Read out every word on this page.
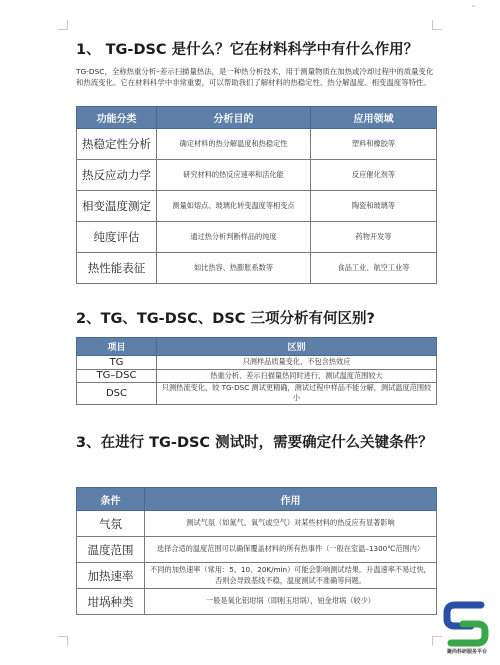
⌄
1、 TG-DSC 是什么？它在材料科学中有什么作用？
TG-DSC，全称热重分析–差示扫描量热法，是一种热分析技术，用于测量物质在加热或冷却过程中的质量变化和热流变化。它在材料科学中非常重要，可以帮助我们了解材料的热稳定性、热分解温度、相变温度等特性。
功能分类	分析目的	应用领域
热稳定性分析	确定材料的热分解温度和热稳定性	塑料和橡胶等
热反应动力学	研究材料的热反应速率和活化能	反应催化剂等
相变温度测定	测量如熔点、玻璃化转变温度等相变点	陶瓷和玻璃等
纯度评估	通过热分析判断样品的纯度	药物开发等
热性能表征	如比热容、热膨胀系数等	食品工业、航空工业等
2、TG、TG-DSC、DSC 三项分析有何区别?
项目	区别
TG	只测样品质量变化，不包含热效应
TG–DSC	热重分析、差示扫描量热同时进行，测试温度范围较大
DSC	只测热流变化，较 TG-DSC 测试更精确，测试过程中样品不能分解，测试温度范围较小
3、在进行 TG-DSC 测试时，需要确定什么关键条件？
条件	作用
气氛	测试气氛（如氮气、氧气或空气）对某些材料的热反应有显著影响
温度范围	选择合适的温度范围可以确保覆盖材料的所有热事件（一般在室温–1300℃范围内）
加热速率	不同的加热速率（常用：5、10、20K/min）可能会影响测试结果。升温速率不易过快，否则会导致基线不稳，温度测试不准确等问题。
坩埚种类	一般是氧化铝坩埚（即刚玉坩埚），铂金坩埚（较少）
聚尚科研服务平台
